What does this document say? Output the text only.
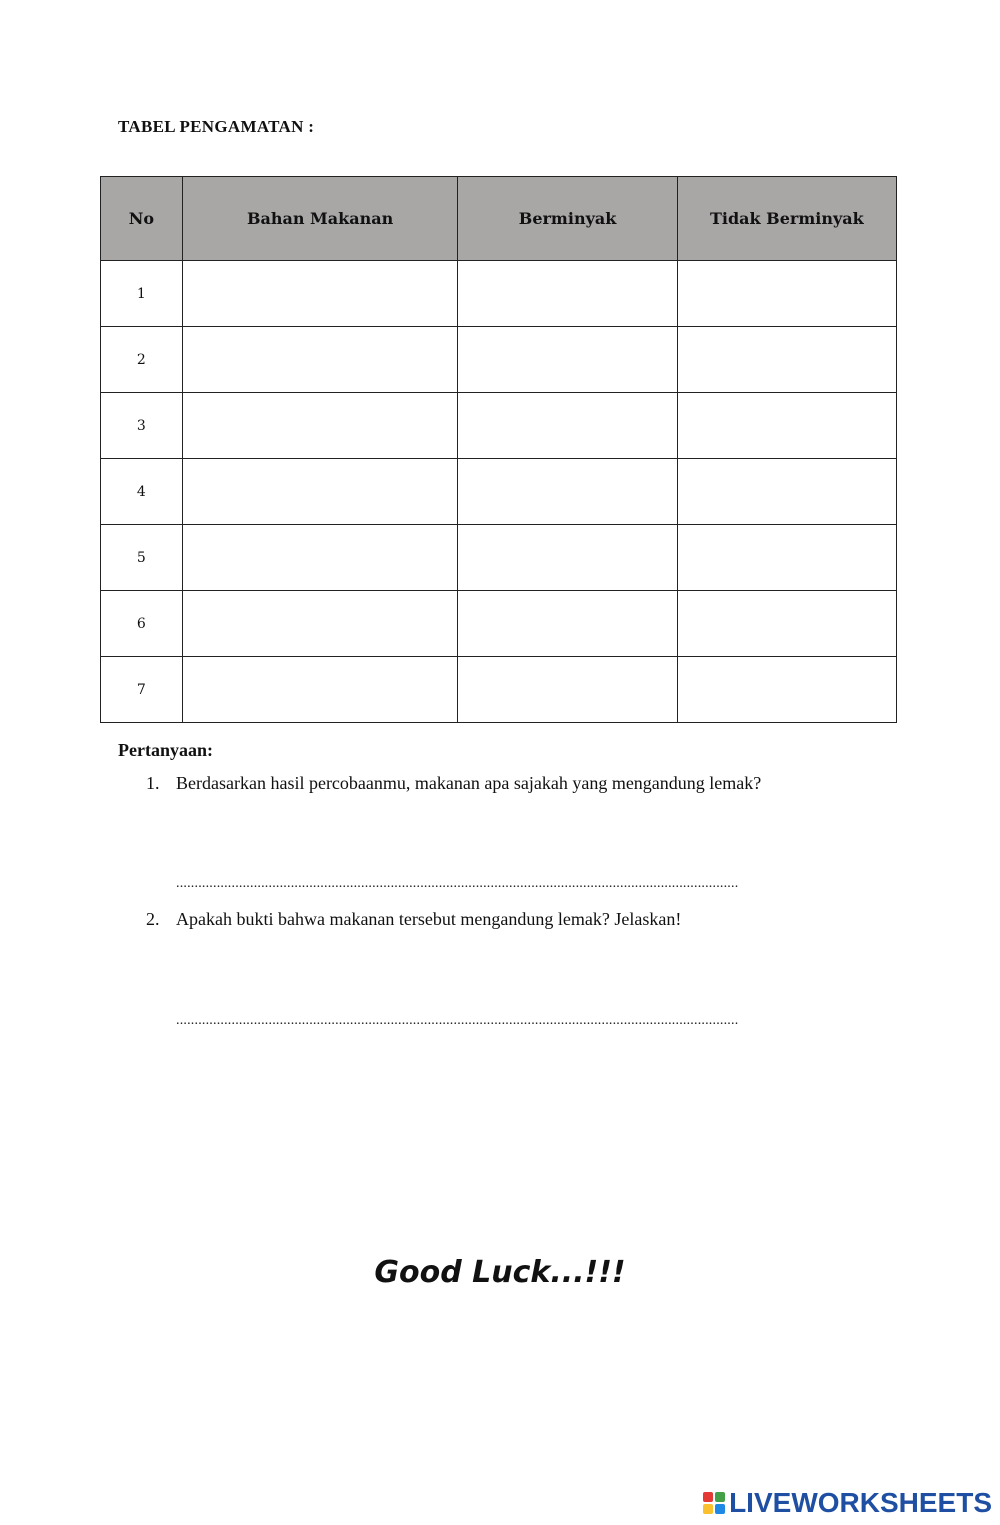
TABEL PENGAMATAN :
No	Bahan Makanan	Berminyak	Tidak Berminyak
1			
2			
3			
4			
5			
6			
7			
Pertanyaan:
1. Berdasarkan hasil percobaanmu, makanan apa sajakah yang mengandung lemak?
........................................................................................................................................................
2. Apakah bukti bahwa makanan tersebut mengandung lemak? Jelaskan!
........................................................................................................................................................
Good Luck...!!!
LIVEWORKSHEETS
